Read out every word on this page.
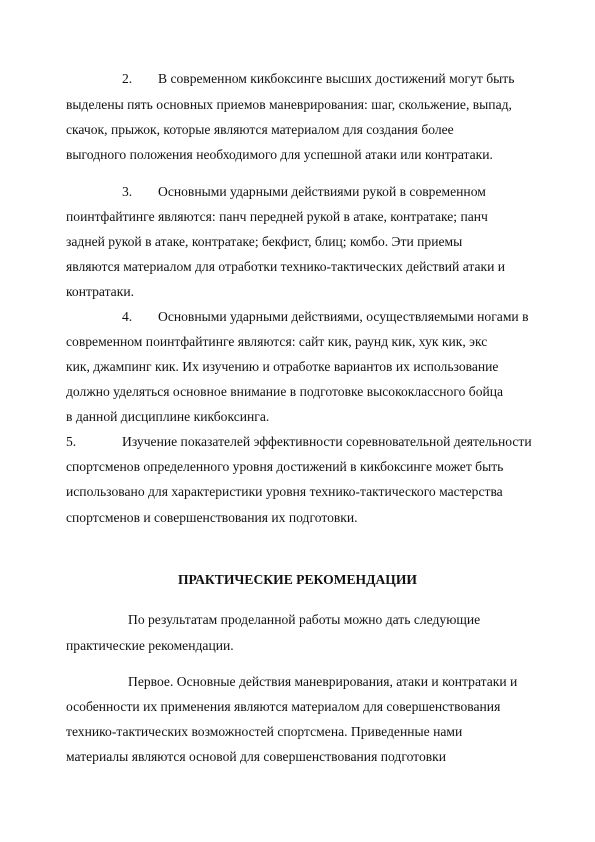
2. В современном кикбоксинге высших достижений могут быть
выделены пять основных приемов маневрирования: шаг, скольжение, выпад,
скачок, прыжок, которые являются материалом для создания более
выгодного положения необходимого для успешной атаки или контратаки.
3. Основными ударными действиями рукой в современном
поинтфайтинге являются: панч передней рукой в атаке, контратаке; панч
задней рукой в атаке, контратаке; бекфист, блиц; комбо. Эти приемы
являются материалом для отработки технико-тактических действий атаки и
контратаки.
4. Основными ударными действиями, осуществляемыми ногами в
современном поинтфайтинге являются: сайт кик, раунд кик, хук кик, экс
кик, джампинг кик. Их изучению и отработке вариантов их использование
должно уделяться основное внимание в подготовке высококлассного бойца
в данной дисциплине кикбоксинга.
5.	Изучение показателей эффективности соревновательной деятельности
спортсменов определенного уровня достижений в кикбоксинге может быть
использовано для характеристики уровня технико-тактического мастерства
спортсменов и совершенствования их подготовки.
ПРАКТИЧЕСКИЕ РЕКОМЕНДАЦИИ
По результатам проделанной работы можно дать следующие
практические рекомендации.
Первое. Основные действия маневрирования, атаки и контратаки и
особенности их применения являются материалом для совершенствования
технико-тактических возможностей спортсмена. Приведенные нами
материалы являются основой для совершенствования подготовки
